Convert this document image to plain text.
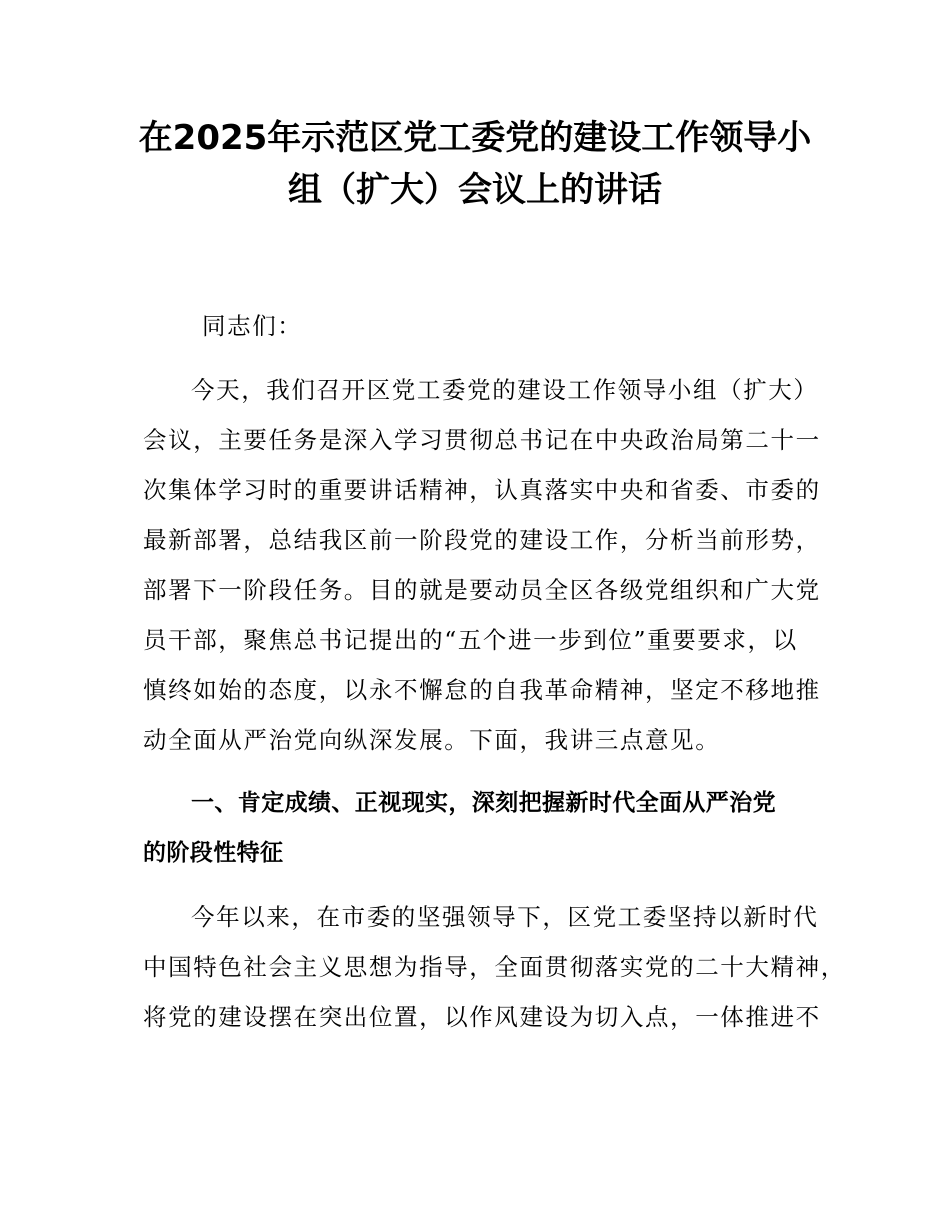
在2025年示范区党工委党的建设工作领导小
组（扩大）会议上的讲话
同志们：
今天，我们召开区党工委党的建设工作领导小组（扩大）
会议，主要任务是深入学习贯彻总书记在中央政治局第二十一
次集体学习时的重要讲话精神，认真落实中央和省委、市委的
最新部署，总结我区前一阶段党的建设工作，分析当前形势，
部署下一阶段任务。目的就是要动员全区各级党组织和广大党
员干部，聚焦总书记提出的“五个进一步到位”重要要求，以
慎终如始的态度，以永不懈怠的自我革命精神，坚定不移地推
动全面从严治党向纵深发展。下面，我讲三点意见。
一、肯定成绩、正视现实，深刻把握新时代全面从严治党
的阶段性特征
今年以来，在市委的坚强领导下，区党工委坚持以新时代
中国特色社会主义思想为指导，全面贯彻落实党的二十大精神，
将党的建设摆在突出位置，以作风建设为切入点，一体推进不
